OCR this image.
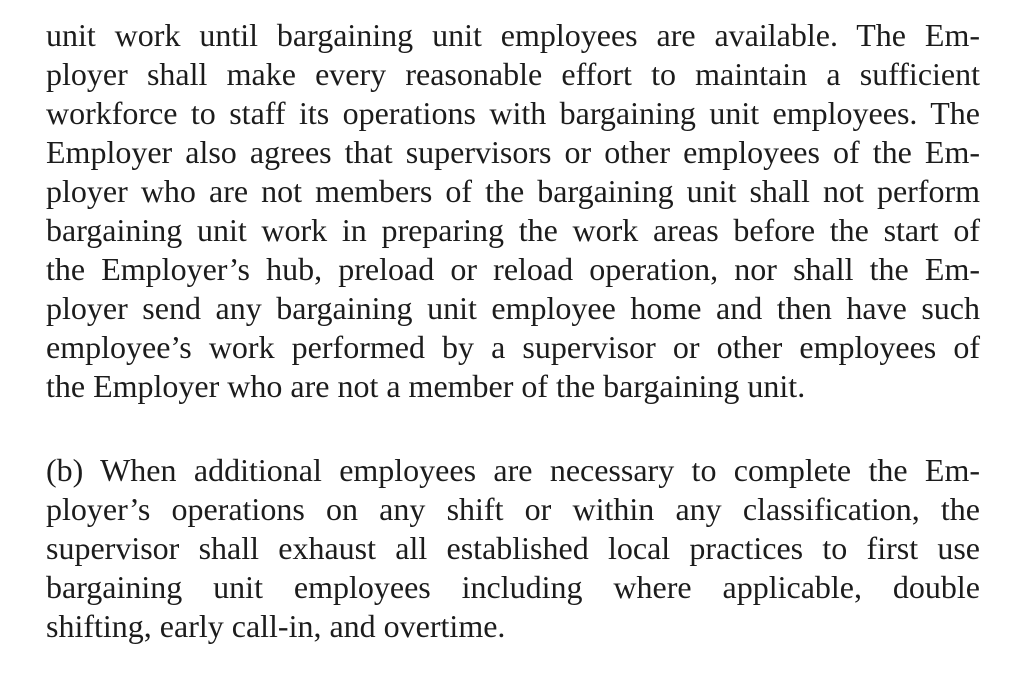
unit work until bargaining unit employees are available. The Em-
ployer shall make every reasonable effort to maintain a sufficient
workforce to staff its operations with bargaining unit employees. The
Employer also agrees that supervisors or other employees of the Em-
ployer who are not members of the bargaining unit shall not perform
bargaining unit work in preparing the work areas before the start of
the Employer’s hub, preload or reload operation, nor shall the Em-
ployer send any bargaining unit employee home and then have such
employee’s work performed by a supervisor or other employees of
the Employer who are not a member of the bargaining unit.
(b) When additional employees are necessary to complete the Em-
ployer’s operations on any shift or within any classification, the
supervisor shall exhaust all established local practices to first use
bargaining unit employees including where applicable, double
shifting, early call-in, and overtime.
